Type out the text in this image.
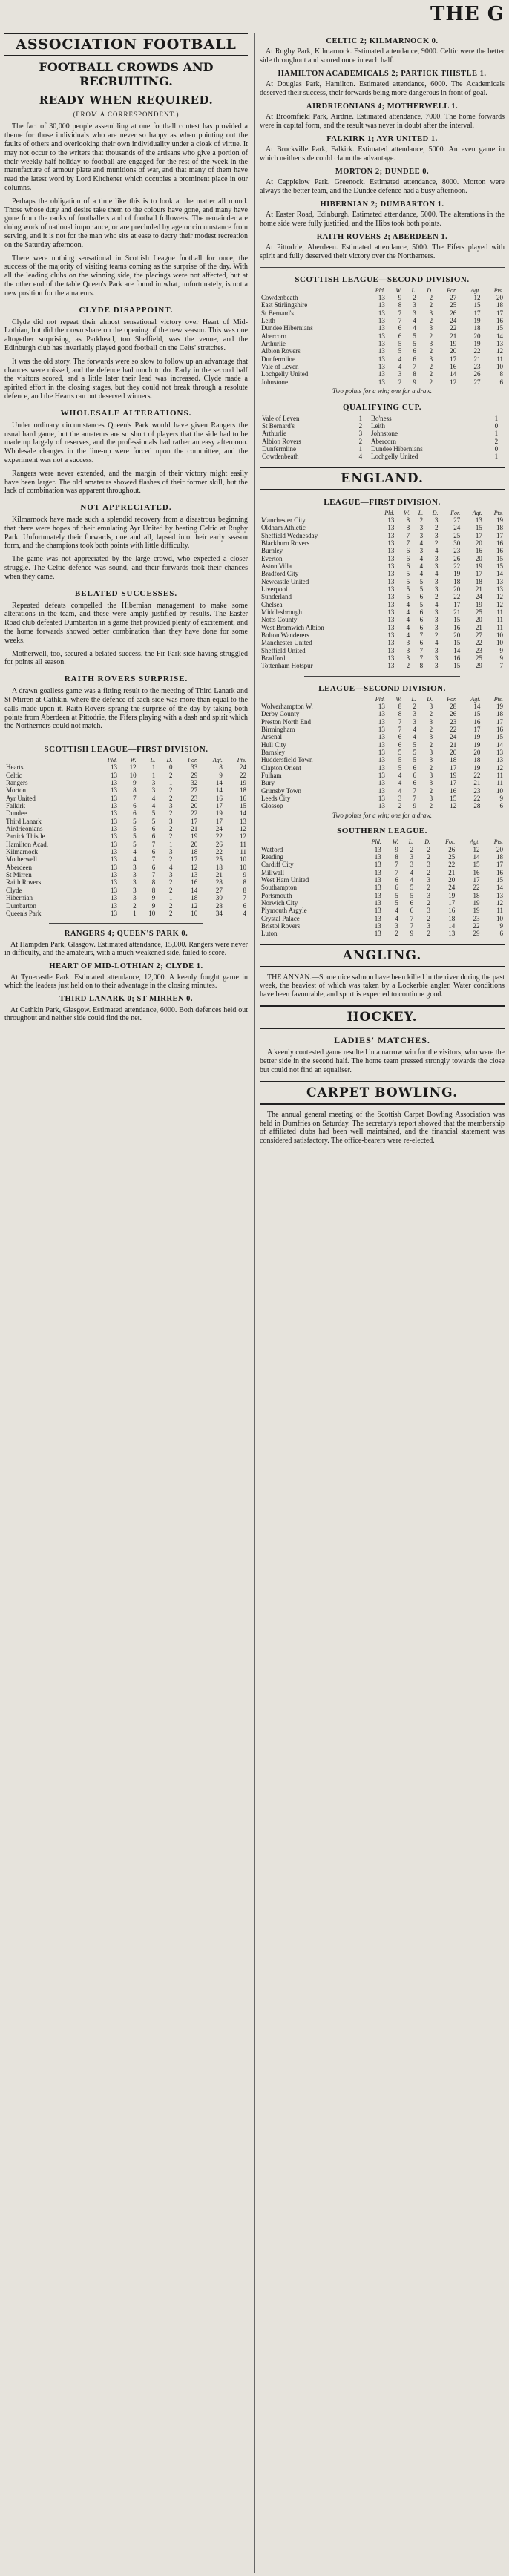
THE G
ASSOCIATION FOOTBALL
FOOTBALL CROWDS AND RECRUITING.
READY WHEN REQUIRED.
(FROM A CORRESPONDENT.)

The fact of 30,000 people assembling at one football contest has provided a theme for those individuals who are never so happy as when pointing out the faults of others and overlooking their own individuality under a cloak of virtue. It may not occur to the writers that thousands of the artisans who give a portion of their weekly half-holiday to football are engaged for the rest of the week in the manufacture of armour plate and munitions of war, and that many of them have read the latest word by Lord Kitchener which occupies a prominent place in our columns.

Perhaps the obligation of a time like this is to look at the matter all round. Those whose duty and desire take them to the colours have gone, and many have gone from the ranks of footballers and of football followers. The remainder are doing work of national importance, or are precluded by age or circumstance from serving, and it is not for the man who sits at ease to decry their modest recreation on the Saturday afternoon.

There were nothing sensational in Scottish League football for once, the success of the majority of visiting teams coming as the surprise of the day. With all the leading clubs on the winning side, the placings were not affected, but at the other end of the table Queen's Park are found in what, unfortunately, is not a new position for the amateurs.

CLYDE DISAPPOINT.

Clyde did not repeat their almost sensational victory over Heart of Mid-Lothian, but did their own share on the opening of the new season. This was one altogether surprising, as Parkhead, too Sheffield, was the venue, and the Edinburgh club has invariably played good football on the Celts' stretches.

It was the old story. The forwards were so slow to follow up an advantage that chances were missed, and the defence had much to do. Early in the second half the visitors scored, and a little later their lead was increased. Clyde made a spirited effort in the closing stages, but they could not break through a resolute defence, and the Hearts ran out deserved winners.

WHOLESALE ALTERATIONS.

Under ordinary circumstances Queen's Park would have given Rangers the usual hard game, but the amateurs are so short of players that the side had to be made up largely of reserves, and the professionals had rather an easy afternoon. Wholesale changes in the line-up were forced upon the committee, and the experiment was not a success.

Rangers were never extended, and the margin of their victory might easily have been larger. The old amateurs showed flashes of their former skill, but the lack of combination was apparent throughout.

NOT APPRECIATED.

Kilmarnock have made such a splendid recovery from a disastrous beginning that there were hopes of their emulating Ayr United by beating Celtic at Rugby Park. Unfortunately their forwards, one and all, lapsed into their early season form, and the champions took both points with little difficulty.

The game was not appreciated by the large crowd, who expected a closer struggle. The Celtic defence was sound, and their forwards took their chances when they came.

BELATED SUCCESSES.

Repeated defeats compelled the Hibernian management to make some alterations in the team, and these were amply justified by results. The Easter Road club defeated Dumbarton in a game that provided plenty of excitement, and the home forwards showed better combination than they have done for some weeks.

Motherwell, too, secured a belated success, the Fir Park side having struggled for points all season.

RAITH ROVERS SURPRISE.

A drawn goalless game was a fitting result to the meeting of Third Lanark and St Mirren at Cathkin, where the defence of each side was more than equal to the calls made upon it. Raith Rovers sprang the surprise of the day by taking both points from Aberdeen at Pittodrie, the Fifers playing with a dash and spirit which the Northerners could not match.

SCOTTISH LEAGUE—FIRST DIVISION.
	Pld.	W.	L.	D.	For.	Agt.	Pts.
Hearts	13	12	1	0	33	8	24
Celtic	13	10	1	2	29	9	22
Rangers	13	9	3	1	32	14	19
Morton	13	8	3	2	27	14	18
Ayr United	13	7	4	2	23	16	16
Falkirk	13	6	4	3	20	17	15
Dundee	13	6	5	2	22	19	14
Third Lanark	13	5	5	3	17	17	13
Airdrieonians	13	5	6	2	21	24	12
Partick Thistle	13	5	6	2	19	22	12
Hamilton Acad.	13	5	7	1	20	26	11
Kilmarnock	13	4	6	3	18	22	11
Motherwell	13	4	7	2	17	25	10
Aberdeen	13	3	6	4	12	18	10
St Mirren	13	3	7	3	13	21	9
Raith Rovers	13	3	8	2	16	28	8
Clyde	13	3	8	2	14	27	8
Hibernian	13	3	9	1	18	30	7
Dumbarton	13	2	9	2	12	28	6
Queen's Park	13	1	10	2	10	34	4
RANGERS 4; QUEEN'S PARK 0.

At Hampden Park, Glasgow. Estimated attendance, 15,000. Rangers were never in difficulty, and the amateurs, with a much weakened side, failed to score.

HEART OF MID-LOTHIAN 2; CLYDE 1.

At Tynecastle Park. Estimated attendance, 12,000. A keenly fought game in which the leaders just held on to their advantage in the closing minutes.

THIRD LANARK 0; ST MIRREN 0.

At Cathkin Park, Glasgow. Estimated attendance, 6000. Both defences held out throughout and neither side could find the net.

CELTIC 2; KILMARNOCK 0.

At Rugby Park, Kilmarnock. Estimated attendance, 9000. Celtic were the better side throughout and scored once in each half.

HAMILTON ACADEMICALS 2; PARTICK THISTLE 1.

At Douglas Park, Hamilton. Estimated attendance, 6000. The Academicals deserved their success, their forwards being more dangerous in front of goal.

AIRDRIEONIANS 4; MOTHERWELL 1.

At Broomfield Park, Airdrie. Estimated attendance, 7000. The home forwards were in capital form, and the result was never in doubt after the interval.

FALKIRK 1; AYR UNITED 1.

At Brockville Park, Falkirk. Estimated attendance, 5000. An even game in which neither side could claim the advantage.

MORTON 2; DUNDEE 0.

At Cappielow Park, Greenock. Estimated attendance, 8000. Morton were always the better team, and the Dundee defence had a busy afternoon.

HIBERNIAN 2; DUMBARTON 1.

At Easter Road, Edinburgh. Estimated attendance, 5000. The alterations in the home side were fully justified, and the Hibs took both points.

RAITH ROVERS 2; ABERDEEN 1.

At Pittodrie, Aberdeen. Estimated attendance, 5000. The Fifers played with spirit and fully deserved their victory over the Northerners.

SCOTTISH LEAGUE—SECOND DIVISION.
	Pld.	W.	L.	D.	For.	Agt.	Pts.
Cowdenbeath	13	9	2	2	27	12	20
East Stirlingshire	13	8	3	2	25	15	18
St Bernard's	13	7	3	3	26	17	17
Leith	13	7	4	2	24	19	16
Dundee Hibernians	13	6	4	3	22	18	15
Abercorn	13	6	5	2	21	20	14
Arthurlie	13	5	5	3	19	19	13
Albion Rovers	13	5	6	2	20	22	12
Dunfermline	13	4	6	3	17	21	11
Vale of Leven	13	4	7	2	16	23	10
Lochgelly United	13	3	8	2	14	26	8
Johnstone	13	2	9	2	12	27	6
Two points for a win; one for a draw.
QUALIFYING CUP.
Vale of Leven	1	Bo'ness	1
St Bernard's	2	Leith	0
Arthurlie	3	Johnstone	1
Albion Rovers	2	Abercorn	2
Dunfermline	1	Dundee Hibernians	0
Cowdenbeath	4	Lochgelly United	1
ENGLAND.
LEAGUE—FIRST DIVISION.
	Pld.	W.	L.	D.	For.	Agt.	Pts.
Manchester City	13	8	2	3	27	13	19
Oldham Athletic	13	8	3	2	24	15	18
Sheffield Wednesday	13	7	3	3	25	17	17
Blackburn Rovers	13	7	4	2	30	20	16
Burnley	13	6	3	4	23	16	16
Everton	13	6	4	3	26	20	15
Aston Villa	13	6	4	3	22	19	15
Bradford City	13	5	4	4	19	17	14
Newcastle United	13	5	5	3	18	18	13
Liverpool	13	5	5	3	20	21	13
Sunderland	13	5	6	2	22	24	12
Chelsea	13	4	5	4	17	19	12
Middlesbrough	13	4	6	3	21	25	11
Notts County	13	4	6	3	15	20	11
West Bromwich Albion	13	4	6	3	16	21	11
Bolton Wanderers	13	4	7	2	20	27	10
Manchester United	13	3	6	4	15	22	10
Sheffield United	13	3	7	3	14	23	9
Bradford	13	3	7	3	16	25	9
Tottenham Hotspur	13	2	8	3	15	29	7
LEAGUE—SECOND DIVISION.
	Pld.	W.	L.	D.	For.	Agt.	Pts.
Wolverhampton W.	13	8	2	3	28	14	19
Derby County	13	8	3	2	26	15	18
Preston North End	13	7	3	3	23	16	17
Birmingham	13	7	4	2	22	17	16
Arsenal	13	6	4	3	24	19	15
Hull City	13	6	5	2	21	19	14
Barnsley	13	5	5	3	20	20	13
Huddersfield Town	13	5	5	3	18	18	13
Clapton Orient	13	5	6	2	17	19	12
Fulham	13	4	6	3	19	22	11
Bury	13	4	6	3	17	21	11
Grimsby Town	13	4	7	2	16	23	10
Leeds City	13	3	7	3	15	22	9
Glossop	13	2	9	2	12	28	6
Two points for a win; one for a draw.
SOUTHERN LEAGUE.
	Pld.	W.	L.	D.	For.	Agt.	Pts.
Watford	13	9	2	2	26	12	20
Reading	13	8	3	2	25	14	18
Cardiff City	13	7	3	3	22	15	17
Millwall	13	7	4	2	21	16	16
West Ham United	13	6	4	3	20	17	15
Southampton	13	6	5	2	24	22	14
Portsmouth	13	5	5	3	19	18	13
Norwich City	13	5	6	2	17	19	12
Plymouth Argyle	13	4	6	3	16	19	11
Crystal Palace	13	4	7	2	18	23	10
Bristol Rovers	13	3	7	3	14	22	9
Luton	13	2	9	2	13	29	6
ANGLING.

THE ANNAN.—Some nice salmon have been killed in the river during the past week, the heaviest of which was taken by a Lockerbie angler. Water conditions have been favourable, and sport is expected to continue good.

HOCKEY.
LADIES' MATCHES.

A keenly contested game resulted in a narrow win for the visitors, who were the better side in the second half. The home team pressed strongly towards the close but could not find an equaliser.

CARPET BOWLING.

The annual general meeting of the Scottish Carpet Bowling Association was held in Dumfries on Saturday. The secretary's report showed that the membership of affiliated clubs had been well maintained, and the financial statement was considered satisfactory. The office-bearers were re-elected.
